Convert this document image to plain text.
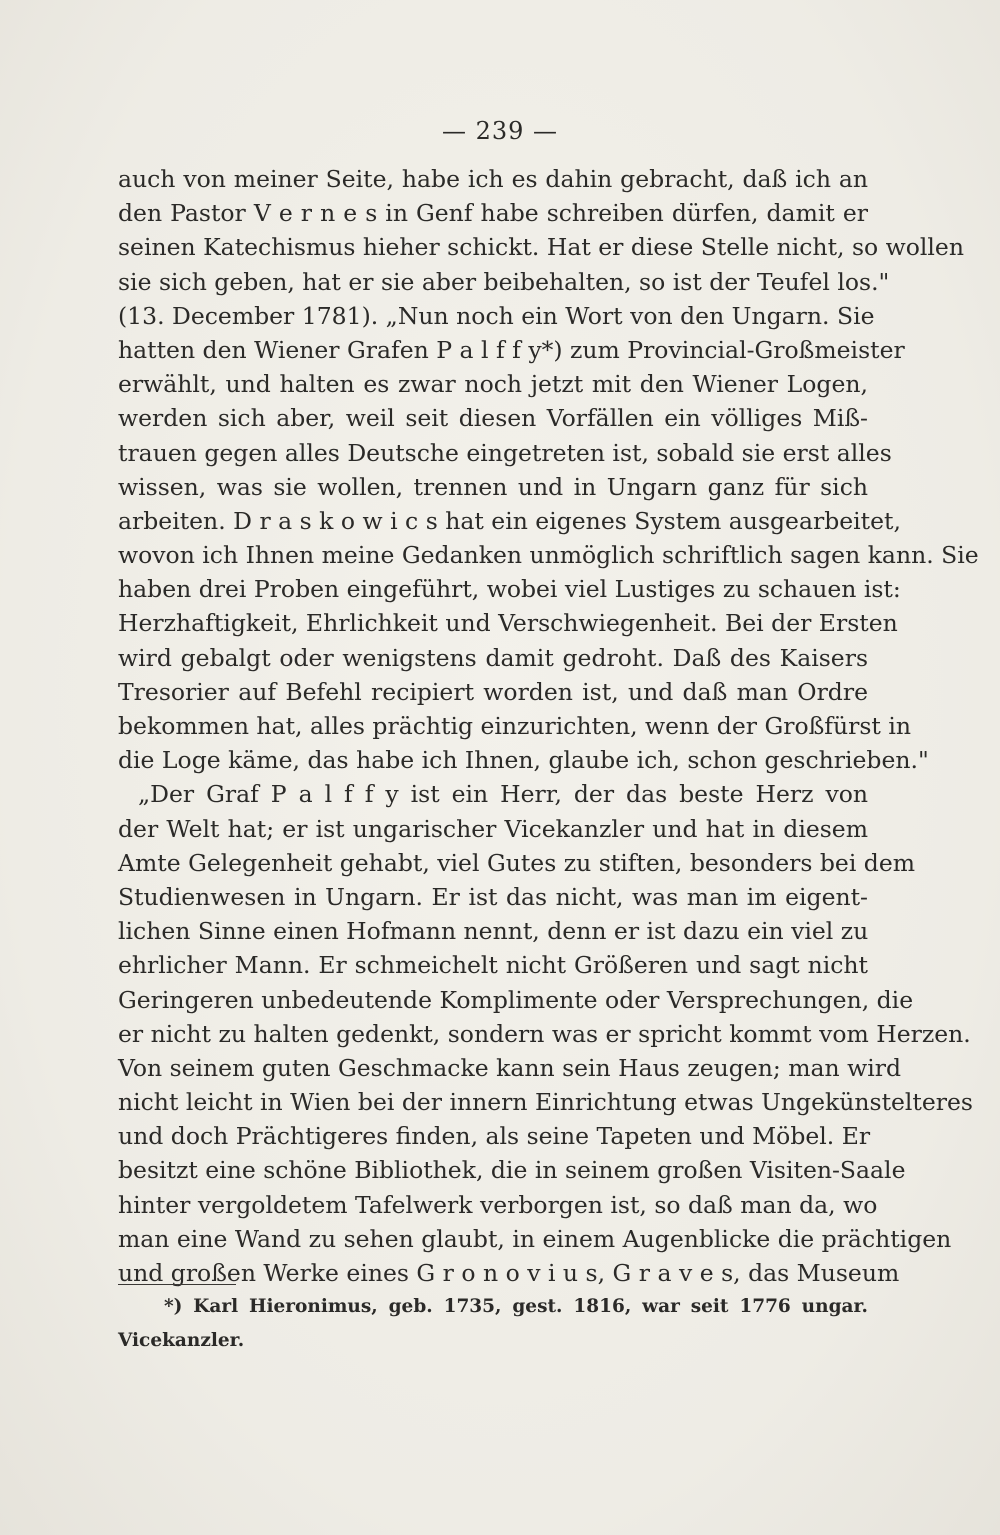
— 239 —
auch von meiner Seite, habe ich es dahin gebracht, daß ich an
den Pastor V e r n e s in Genf habe schreiben dürfen, damit er
seinen Katechismus hieher schickt. Hat er diese Stelle nicht, so wollen
sie sich geben, hat er sie aber beibehalten, so ist der Teufel los."
(13. December 1781). „Nun noch ein Wort von den Ungarn. Sie
hatten den Wiener Grafen P a l f f y*) zum Provincial-Großmeister
erwählt, und halten es zwar noch jetzt mit den Wiener Logen,
werden sich aber, weil seit diesen Vorfällen ein völliges Miß-
trauen gegen alles Deutsche eingetreten ist, sobald sie erst alles
wissen, was sie wollen, trennen und in Ungarn ganz für sich
arbeiten. D r a s k o w i c s hat ein eigenes System ausgearbeitet,
wovon ich Ihnen meine Gedanken unmöglich schriftlich sagen kann. Sie
haben drei Proben eingeführt, wobei viel Lustiges zu schauen ist:
Herzhaftigkeit, Ehrlichkeit und Verschwiegenheit. Bei der Ersten
wird gebalgt oder wenigstens damit gedroht. Daß des Kaisers
Tresorier auf Befehl recipiert worden ist, und daß man Ordre
bekommen hat, alles prächtig einzurichten, wenn der Großfürst in
die Loge käme, das habe ich Ihnen, glaube ich, schon geschrieben."
„Der Graf P a l f f y ist ein Herr, der das beste Herz von
der Welt hat; er ist ungarischer Vicekanzler und hat in diesem
Amte Gelegenheit gehabt, viel Gutes zu stiften, besonders bei dem
Studienwesen in Ungarn. Er ist das nicht, was man im eigent-
lichen Sinne einen Hofmann nennt, denn er ist dazu ein viel zu
ehrlicher Mann. Er schmeichelt nicht Größeren und sagt nicht
Geringeren unbedeutende Komplimente oder Versprechungen, die
er nicht zu halten gedenkt, sondern was er spricht kommt vom Herzen.
Von seinem guten Geschmacke kann sein Haus zeugen; man wird
nicht leicht in Wien bei der innern Einrichtung etwas Ungekünstelteres
und doch Prächtigeres finden, als seine Tapeten und Möbel. Er
besitzt eine schöne Bibliothek, die in seinem großen Visiten-Saale
hinter vergoldetem Tafelwerk verborgen ist, so daß man da, wo
man eine Wand zu sehen glaubt, in einem Augenblicke die prächtigen
und großen Werke eines G r o n o v i u s, G r a v e s, das Museum
*) Karl Hieronimus, geb. 1735, gest. 1816, war seit 1776 ungar.
Vicekanzler.
